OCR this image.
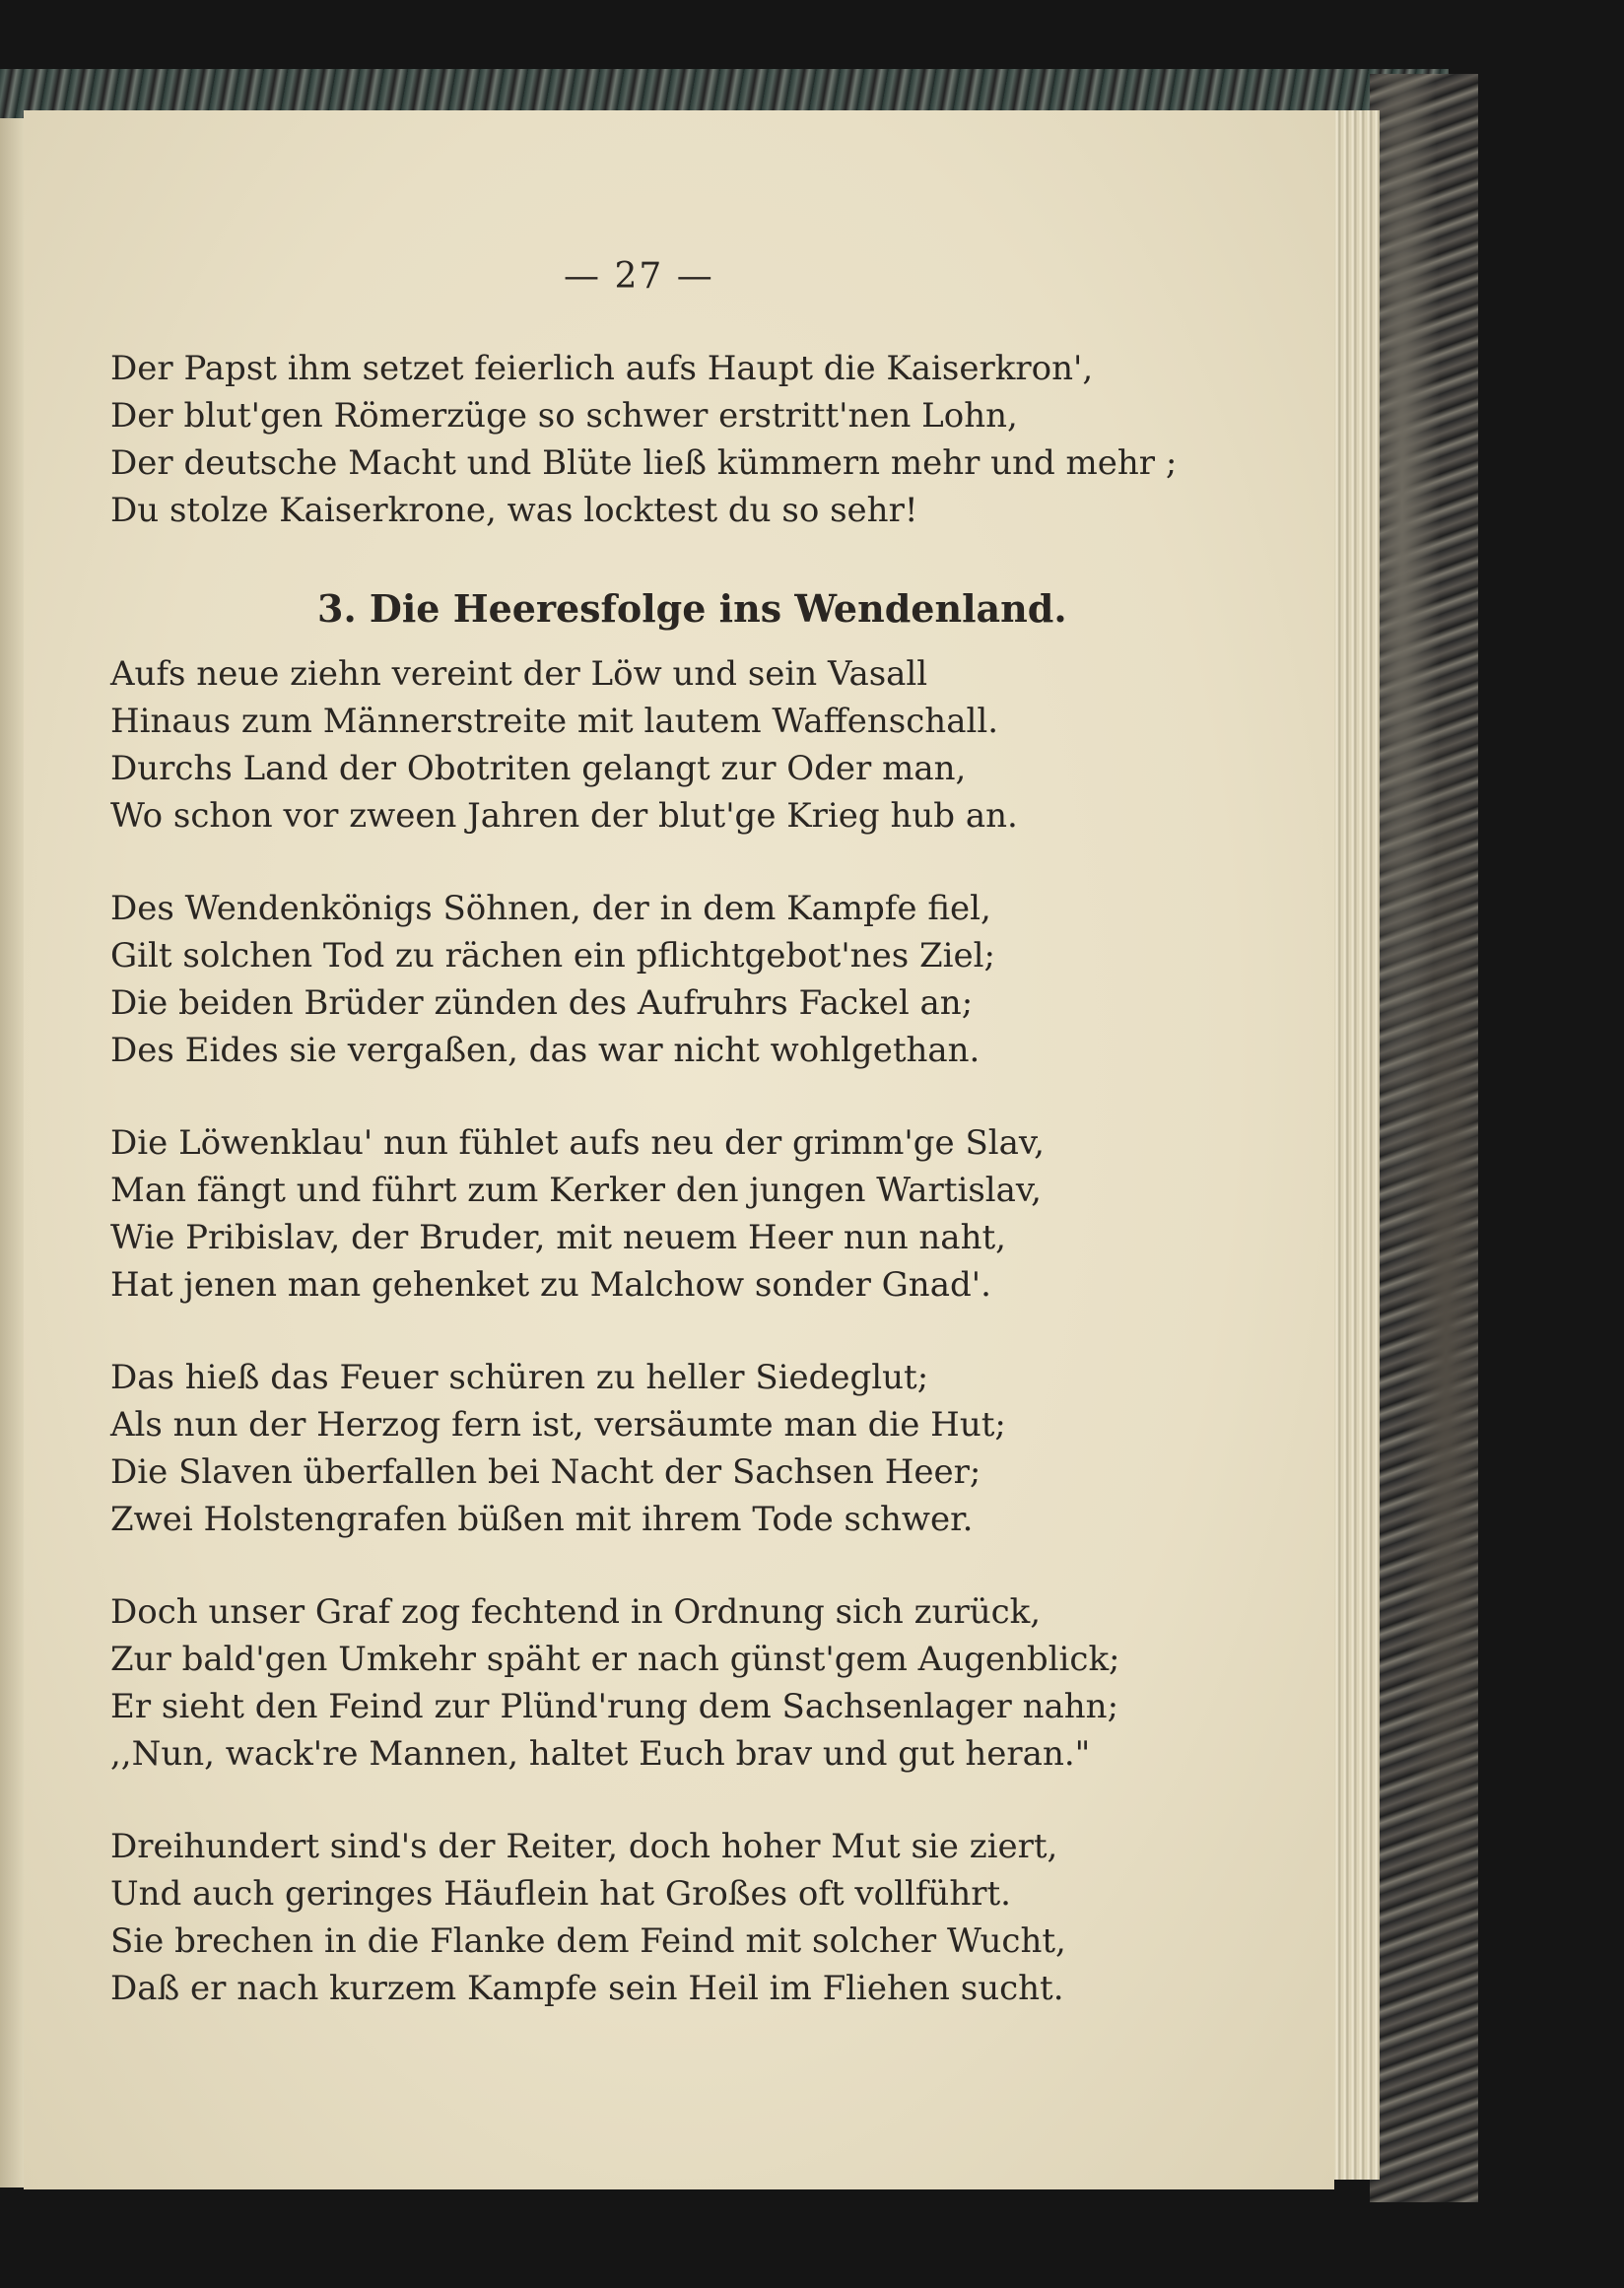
— 27 —
Der Papst ihm setzet feierlich aufs Haupt die Kaiserkron',
Der blut'gen Römerzüge so schwer erstritt'nen Lohn,
Der deutsche Macht und Blüte ließ kümmern mehr und mehr ;
Du stolze Kaiserkrone, was locktest du so sehr!
3. Die Heeresfolge ins Wendenland.
Aufs neue ziehn vereint der Löw und sein Vasall
Hinaus zum Männerstreite mit lautem Waffenschall.
Durchs Land der Obotriten gelangt zur Oder man,
Wo schon vor zween Jahren der blut'ge Krieg hub an.
Des Wendenkönigs Söhnen, der in dem Kampfe fiel,
Gilt solchen Tod zu rächen ein pflichtgebot'nes Ziel;
Die beiden Brüder zünden des Aufruhrs Fackel an;
Des Eides sie vergaßen, das war nicht wohlgethan.
Die Löwenklau' nun fühlet aufs neu der grimm'ge Slav,
Man fängt und führt zum Kerker den jungen Wartislav,
Wie Pribislav, der Bruder, mit neuem Heer nun naht,
Hat jenen man gehenket zu Malchow sonder Gnad'.
Das hieß das Feuer schüren zu heller Siedeglut;
Als nun der Herzog fern ist, versäumte man die Hut;
Die Slaven überfallen bei Nacht der Sachsen Heer;
Zwei Holstengrafen büßen mit ihrem Tode schwer.
Doch unser Graf zog fechtend in Ordnung sich zurück,
Zur bald'gen Umkehr späht er nach günst'gem Augenblick;
Er sieht den Feind zur Plünd'rung dem Sachsenlager nahn;
,,Nun, wack're Mannen, haltet Euch brav und gut heran."
Dreihundert sind's der Reiter, doch hoher Mut sie ziert,
Und auch geringes Häuflein hat Großes oft vollführt.
Sie brechen in die Flanke dem Feind mit solcher Wucht,
Daß er nach kurzem Kampfe sein Heil im Fliehen sucht.
